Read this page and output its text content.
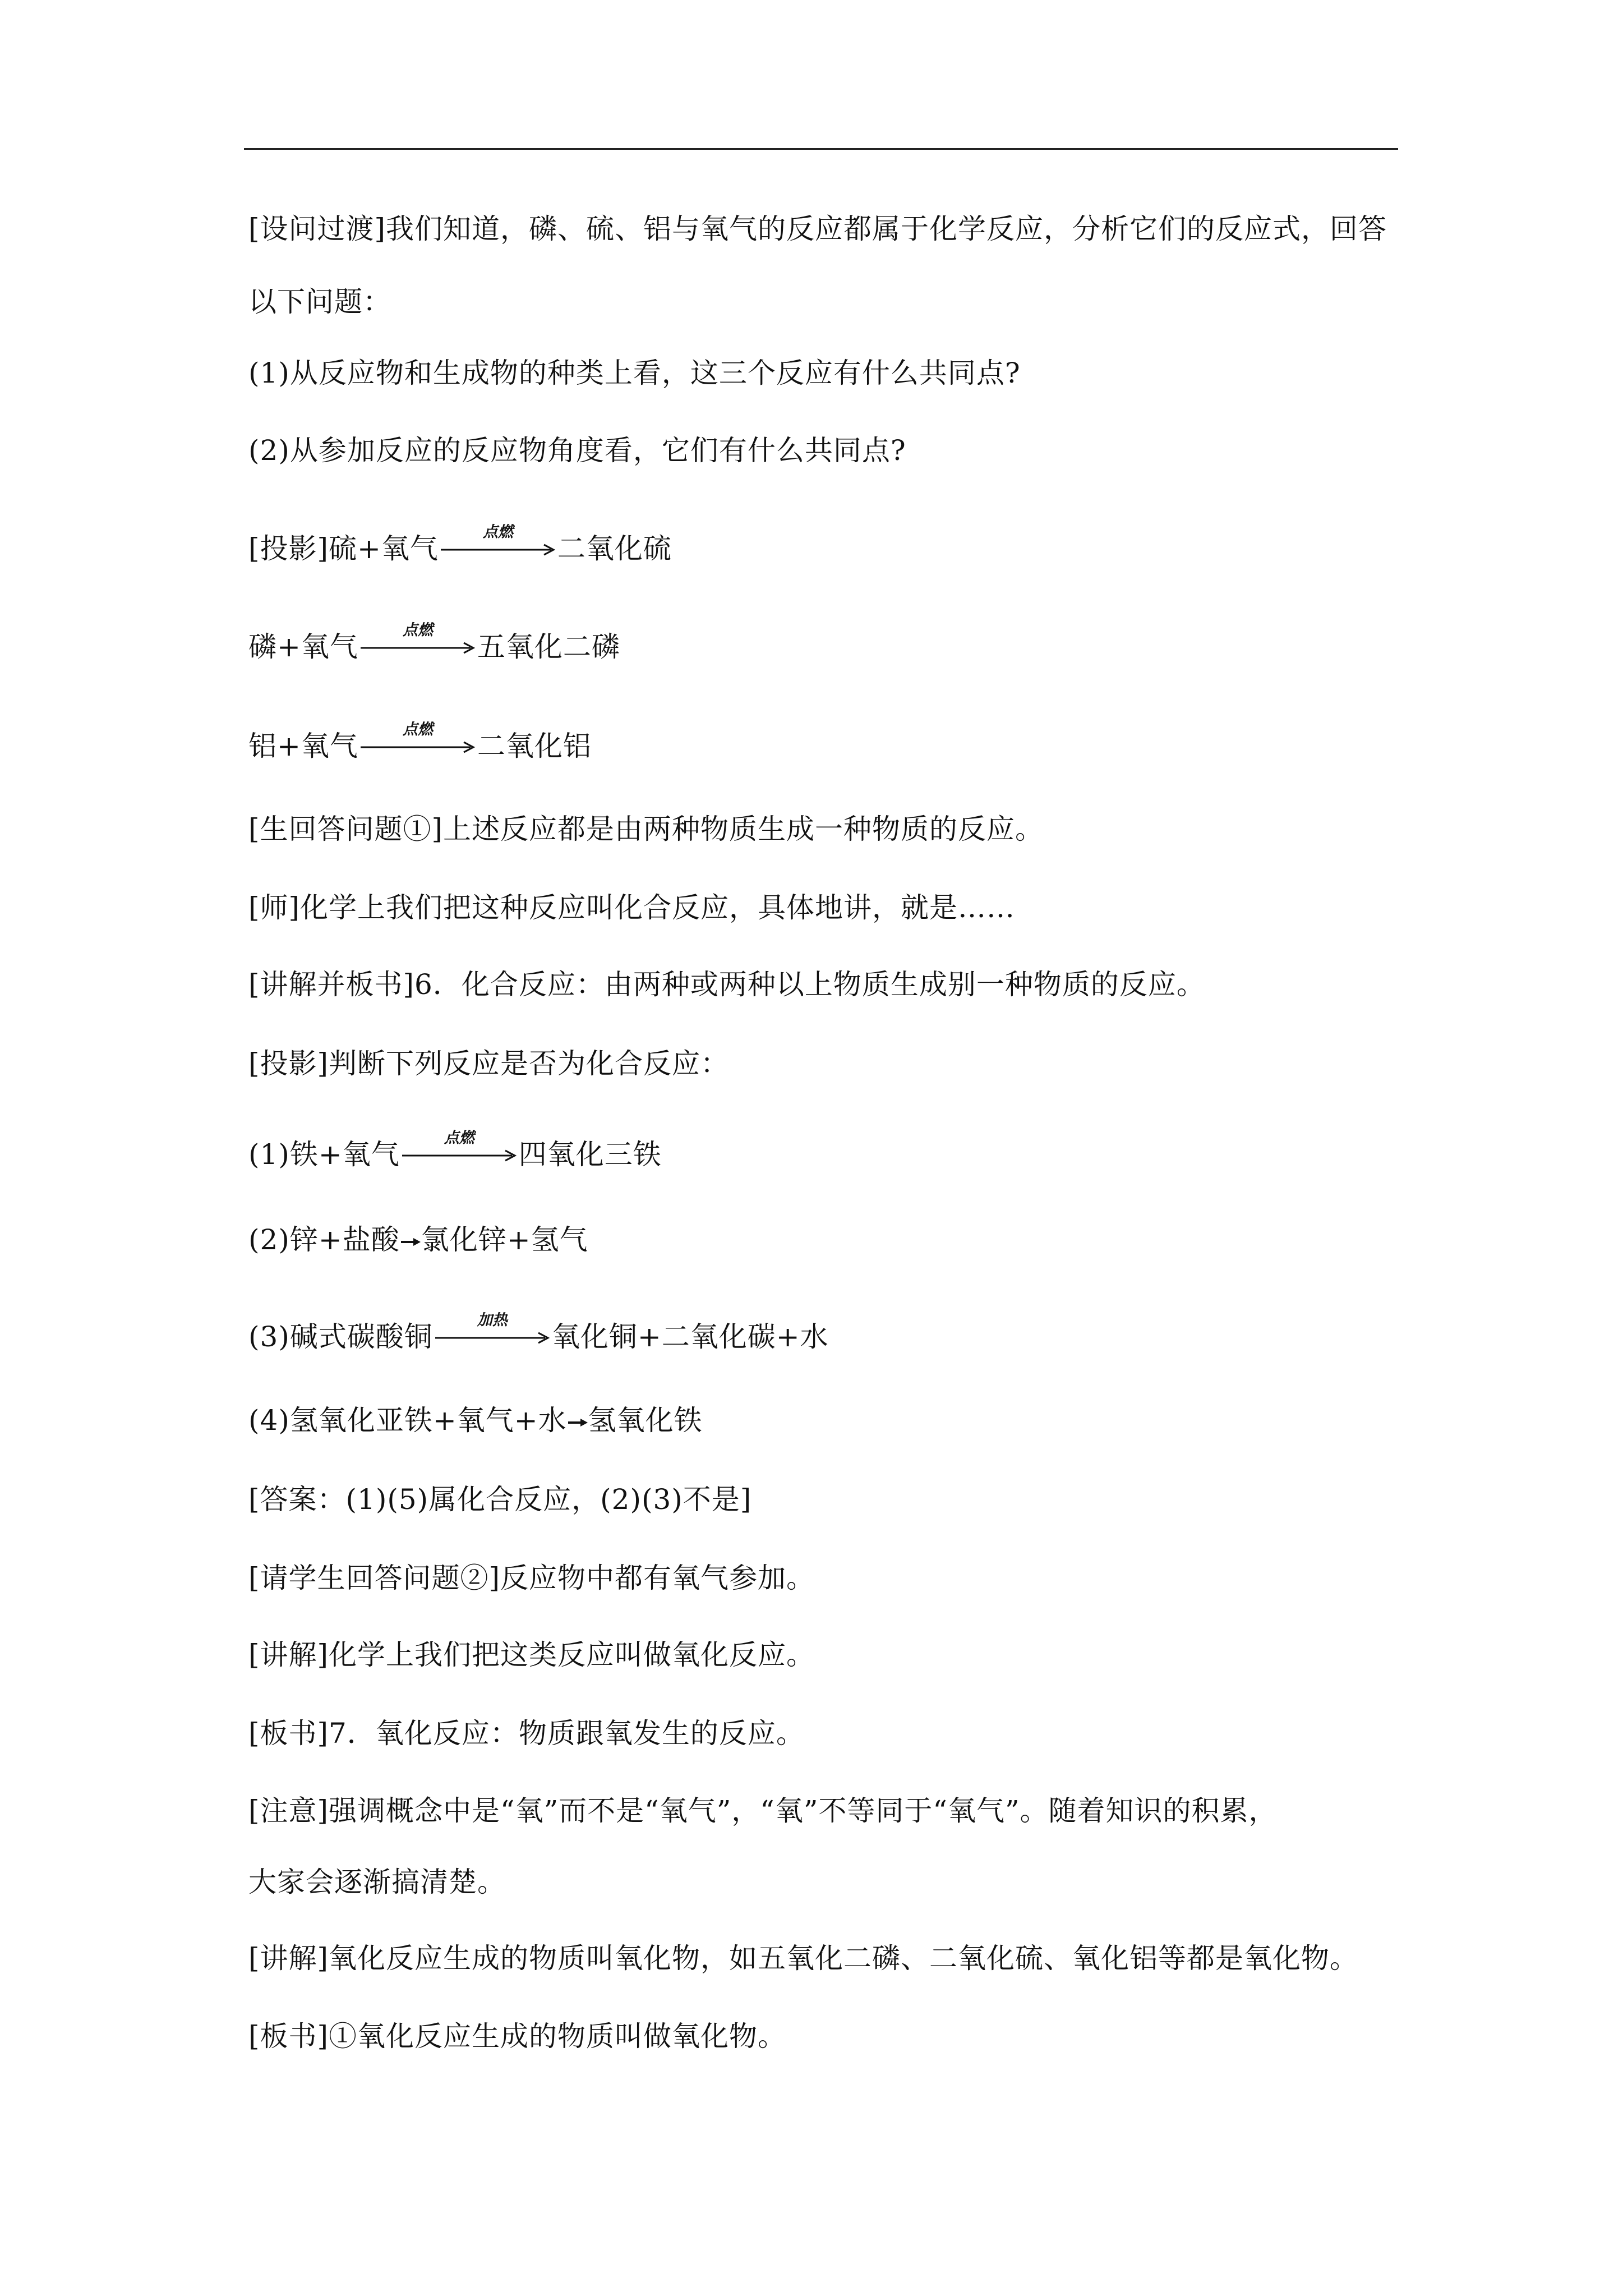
[设问过渡]我们知道，磷、硫、铝与氧气的反应都属于化学反应，分析它们的反应式，回答
以下问题：
(1)从反应物和生成物的种类上看，这三个反应有什么共同点?
(2)从参加反应的反应物角度看，它们有什么共同点?
[投影]硫+氧气
点燃
二氧化硫
磷+氧气
点燃
五氧化二磷
铝+氧气
点燃
二氧化铝
[生回答问题①]上述反应都是由两种物质生成一种物质的反应。
[师]化学上我们把这种反应叫化合反应，具体地讲，就是……
[讲解并板书]6．化合反应：由两种或两种以上物质生成别一种物质的反应。
[投影]判断下列反应是否为化合反应：
(1)铁+氧气
点燃
四氧化三铁
(2)锌+盐酸 氯化锌+氢气
(3)碱式碳酸铜
加热
氧化铜+二氧化碳+水
(4)氢氧化亚铁+氧气+水 氢氧化铁
[答案：(1)(5)属化合反应，(2)(3)不是]
[请学生回答问题②]反应物中都有氧气参加。
[讲解]化学上我们把这类反应叫做氧化反应。
[板书]7．氧化反应：物质跟氧发生的反应。
[注意]强调概念中是“氧”而不是“氧气”，“氧”不等同于“氧气”。随着知识的积累，
大家会逐渐搞清楚。
[讲解]氧化反应生成的物质叫氧化物，如五氧化二磷、二氧化硫、氧化铝等都是氧化物。
[板书]①氧化反应生成的物质叫做氧化物。
